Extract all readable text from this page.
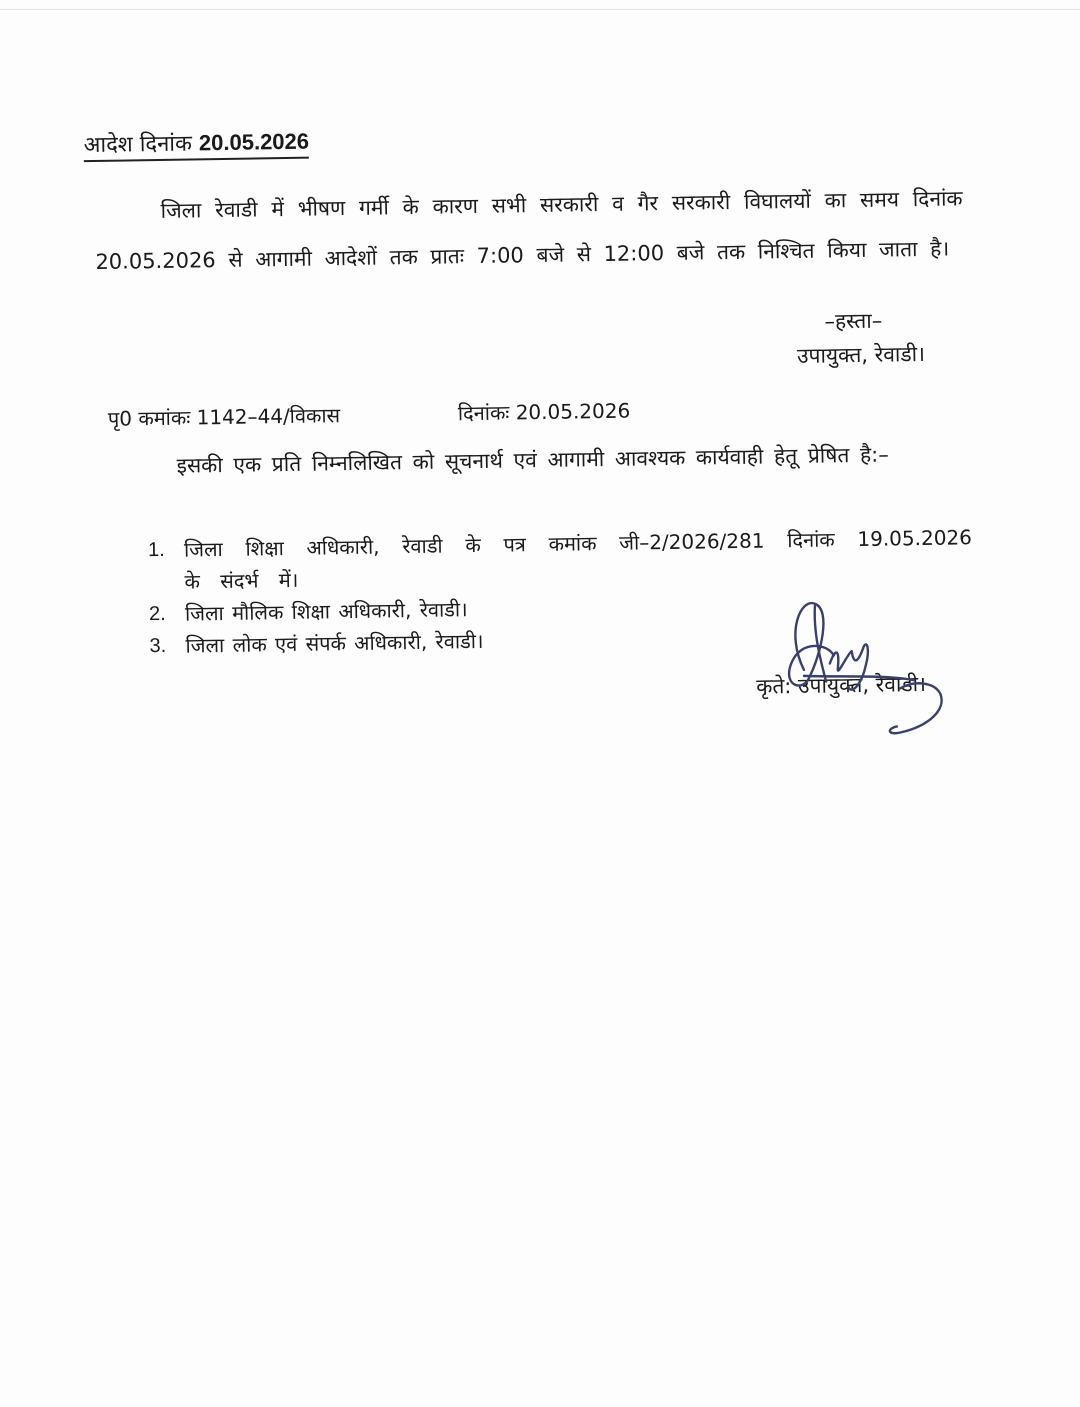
आदेश दिनांक 20.05.2026
जिला रेवाडी में भीषण गर्मी के कारण सभी सरकारी व गैर सरकारी विघालयों का समय दिनांक 20.05.2026 से आगामी आदेशों तक प्रातः 7:00 बजे से 12:00 बजे तक निश्चित किया जाता है।
–हस्ता–
उपायुक्त, रेवाडी।
पृ0 कमांकः 1142–44/विकास	दिनांकः 20.05.2026
इसकी एक प्रति निम्नलिखित को सूचनार्थ एवं आगामी आवश्यक कार्यवाही हेतू प्रेषित है:–
1. जिला शिक्षा अधिकारी, रेवाडी के पत्र कमांक जी–2/2026/281 दिनांक 19.05.2026 के संदर्भ में।
2. जिला मौलिक शिक्षा अधिकारी, रेवाडी।
3. जिला लोक एवं संपर्क अधिकारी, रेवाडी।
कृते: उपायुक्त, रेवाडी।
